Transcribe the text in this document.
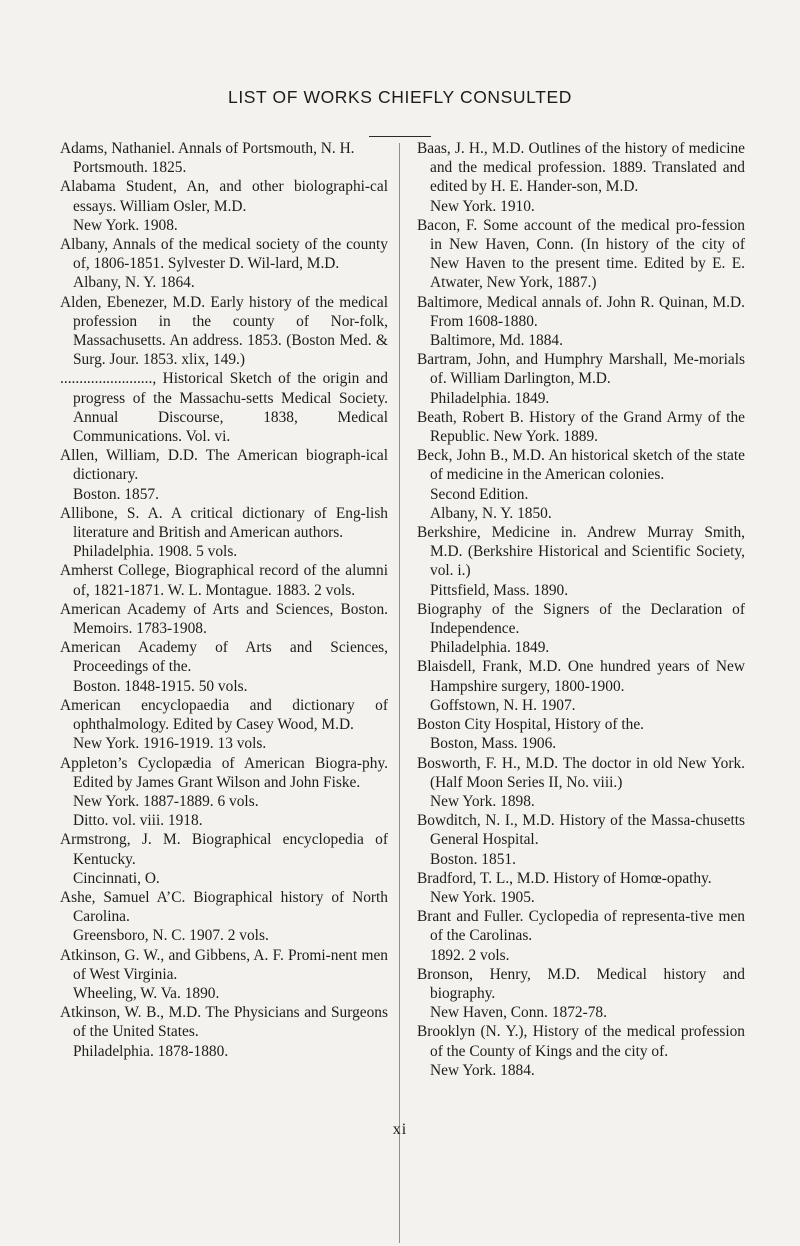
LIST OF WORKS CHIEFLY CONSULTED

Adams, Nathaniel. Annals of Portsmouth, N. H.
Portsmouth. 1825.

Alabama Student, An, and other biolographi-cal essays. William Osler, M.D.
New York. 1908.

Albany, Annals of the medical society of the county of, 1806-1851. Sylvester D. Wil-lard, M.D.
Albany, N. Y. 1864.

Alden, Ebenezer, M.D. Early history of the medical profession in the county of Nor-folk, Massachusetts. An address. 1853. (Boston Med. & Surg. Jour. 1853. xlix, 149.)

........................, Historical Sketch of the origin and progress of the Massachu-setts Medical Society. Annual Discourse, 1838, Medical Communications. Vol. vi.

Allen, William, D.D. The American biograph-ical dictionary.
Boston. 1857.

Allibone, S. A. A critical dictionary of Eng-lish literature and British and American authors.
Philadelphia. 1908. 5 vols.

Amherst College, Biographical record of the alumni of, 1821-1871. W. L. Montague. 1883. 2 vols.

American Academy of Arts and Sciences, Boston. Memoirs. 1783-1908.

American Academy of Arts and Sciences, Proceedings of the.
Boston. 1848-1915. 50 vols.

American encyclopaedia and dictionary of ophthalmology. Edited by Casey Wood, M.D.
New York. 1916-1919. 13 vols.

Appleton’s Cyclopædia of American Biogra-phy. Edited by James Grant Wilson and John Fiske.
New York. 1887-1889. 6 vols.
Ditto. vol. viii. 1918.

Armstrong, J. M. Biographical encyclopedia of Kentucky.
Cincinnati, O.

Ashe, Samuel A’C. Biographical history of North Carolina.
Greensboro, N. C. 1907. 2 vols.

Atkinson, G. W., and Gibbens, A. F. Promi-nent men of West Virginia.
Wheeling, W. Va. 1890.

Atkinson, W. B., M.D. The Physicians and Surgeons of the United States.
Philadelphia. 1878-1880.

Baas, J. H., M.D. Outlines of the history of medicine and the medical profession. 1889. Translated and edited by H. E. Hander-son, M.D.
New York. 1910.

Bacon, F. Some account of the medical pro-fession in New Haven, Conn. (In history of the city of New Haven to the present time. Edited by E. E. Atwater, New York, 1887.)

Baltimore, Medical annals of. John R. Quinan, M.D. From 1608-1880.
Baltimore, Md. 1884.

Bartram, John, and Humphry Marshall, Me-morials of. William Darlington, M.D.
Philadelphia. 1849.

Beath, Robert B. History of the Grand Army of the Republic. New York. 1889.

Beck, John B., M.D. An historical sketch of the state of medicine in the American colonies.
Second Edition.
Albany, N. Y. 1850.

Berkshire, Medicine in. Andrew Murray Smith, M.D. (Berkshire Historical and Scientific Society, vol. i.)
Pittsfield, Mass. 1890.

Biography of the Signers of the Declaration of Independence.
Philadelphia. 1849.

Blaisdell, Frank, M.D. One hundred years of New Hampshire surgery, 1800-1900.
Goffstown, N. H. 1907.

Boston City Hospital, History of the.
Boston, Mass. 1906.

Bosworth, F. H., M.D. The doctor in old New York. (Half Moon Series II, No. viii.)
New York. 1898.

Bowditch, N. I., M.D. History of the Massa-chusetts General Hospital.
Boston. 1851.

Bradford, T. L., M.D. History of Homœ-opathy.
New York. 1905.

Brant and Fuller. Cyclopedia of representa-tive men of the Carolinas.
1892. 2 vols.

Bronson, Henry, M.D. Medical history and biography.
New Haven, Conn. 1872-78.

Brooklyn (N. Y.), History of the medical profession of the County of Kings and the city of.
New York. 1884.

xi
